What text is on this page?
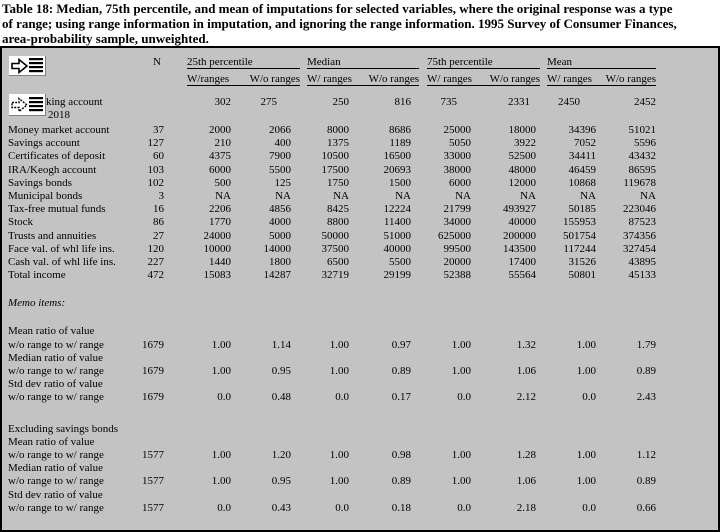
Table 18: Median, 75th percentile, and mean of imputations for selected variables, where the original response was a type
of range; using range information in imputation, and ignoring the range information. 1995 Survey of Consumer Finances,
area-probability sample, unweighted.
N 25th percentile	Median	75th percentile	Mean
W/ranges W/o ranges W/ ranges W/o ranges W/ ranges W/o ranges W/ ranges W/o ranges
king account	302	275	250	816	735	2331	2450	2452
2018
Money market account	37	2000	2066	8000	8686	25000	18000	34396	51021
Savings account	127	210	400	1375	1189	5050	3922	7052	5596
Certificates of deposit	60	4375	7900	10500	16500	33000	52500	34411	43432
IRA/Keogh account	103	6000	5500	17500	20693	38000	48000	46459	86595
Savings bonds	102	500	125	1750	1500	6000	12000	10868	119678
Municipal bonds	3	NA	NA	NA	NA	NA	NA	NA	NA
Tax-free mutual funds	16	2206	4856	8425	12224	21799	493927	50185	223046
Stock	86	1770	4000	8800	11400	34000	40000	155953	87523
Trusts and annuities	27	24000	5000	50000	51000	625000	200000	501754	374356
Face val. of whl life ins.	120	10000	14000	37500	40000	99500	143500	117244	327454
Cash val. of whl life ins.	227	1440	1800	6500	5500	20000	17400	31526	43895
Total income	472	15083	14287	32719	29199	52388	55564	50801	45133
Memo items:
Mean ratio of value
w/o range to w/ range	1679	1.00	1.14	1.00	0.97	1.00	1.32	1.00	1.79
Median ratio of value
w/o range to w/ range	1679	1.00	0.95	1.00	0.89	1.00	1.06	1.00	0.89
Std dev ratio of value
w/o range to w/ range	1679	0.0	0.48	0.0	0.17	0.0	2.12	0.0	2.43
Excluding savings bonds
Mean ratio of value
w/o range to w/ range	1577	1.00	1.20	1.00	0.98	1.00	1.28	1.00	1.12
Median ratio of value
w/o range to w/ range	1577	1.00	0.95	1.00	0.89	1.00	1.06	1.00	0.89
Std dev ratio of value
w/o range to w/ range	1577	0.0	0.43	0.0	0.18	0.0	2.18	0.0	0.66
